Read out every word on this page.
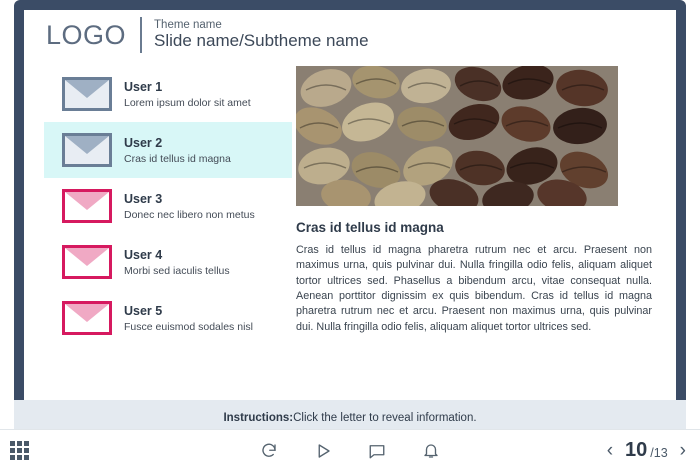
LOGO	Theme name
Slide name/Subtheme name
User 1
Lorem ipsum dolor sit amet
User 2
Cras id tellus id magna
User 3
Donec nec libero non metus
User 4
Morbi sed iaculis tellus
User 5
Fusce euismod sodales nisl
Cras id tellus id magna
Cras id tellus id magna pharetra rutrum nec et arcu. Praesent non maximus urna, quis pulvinar dui. Nulla fringilla odio felis, aliquam aliquet tortor ultrices sed. Phasellus a bibendum arcu, vitae consequat nulla. Aenean porttitor dignissim ex quis bibendum. Cras id tellus id magna pharetra rutrum nec et arcu. Praesent non maximus urna, quis pulvinar dui. Nulla fringilla odio felis, aliquam aliquet tortor ultrices sed.
Instructions: Click the letter to reveal information.
‹ 10 /13 ›
